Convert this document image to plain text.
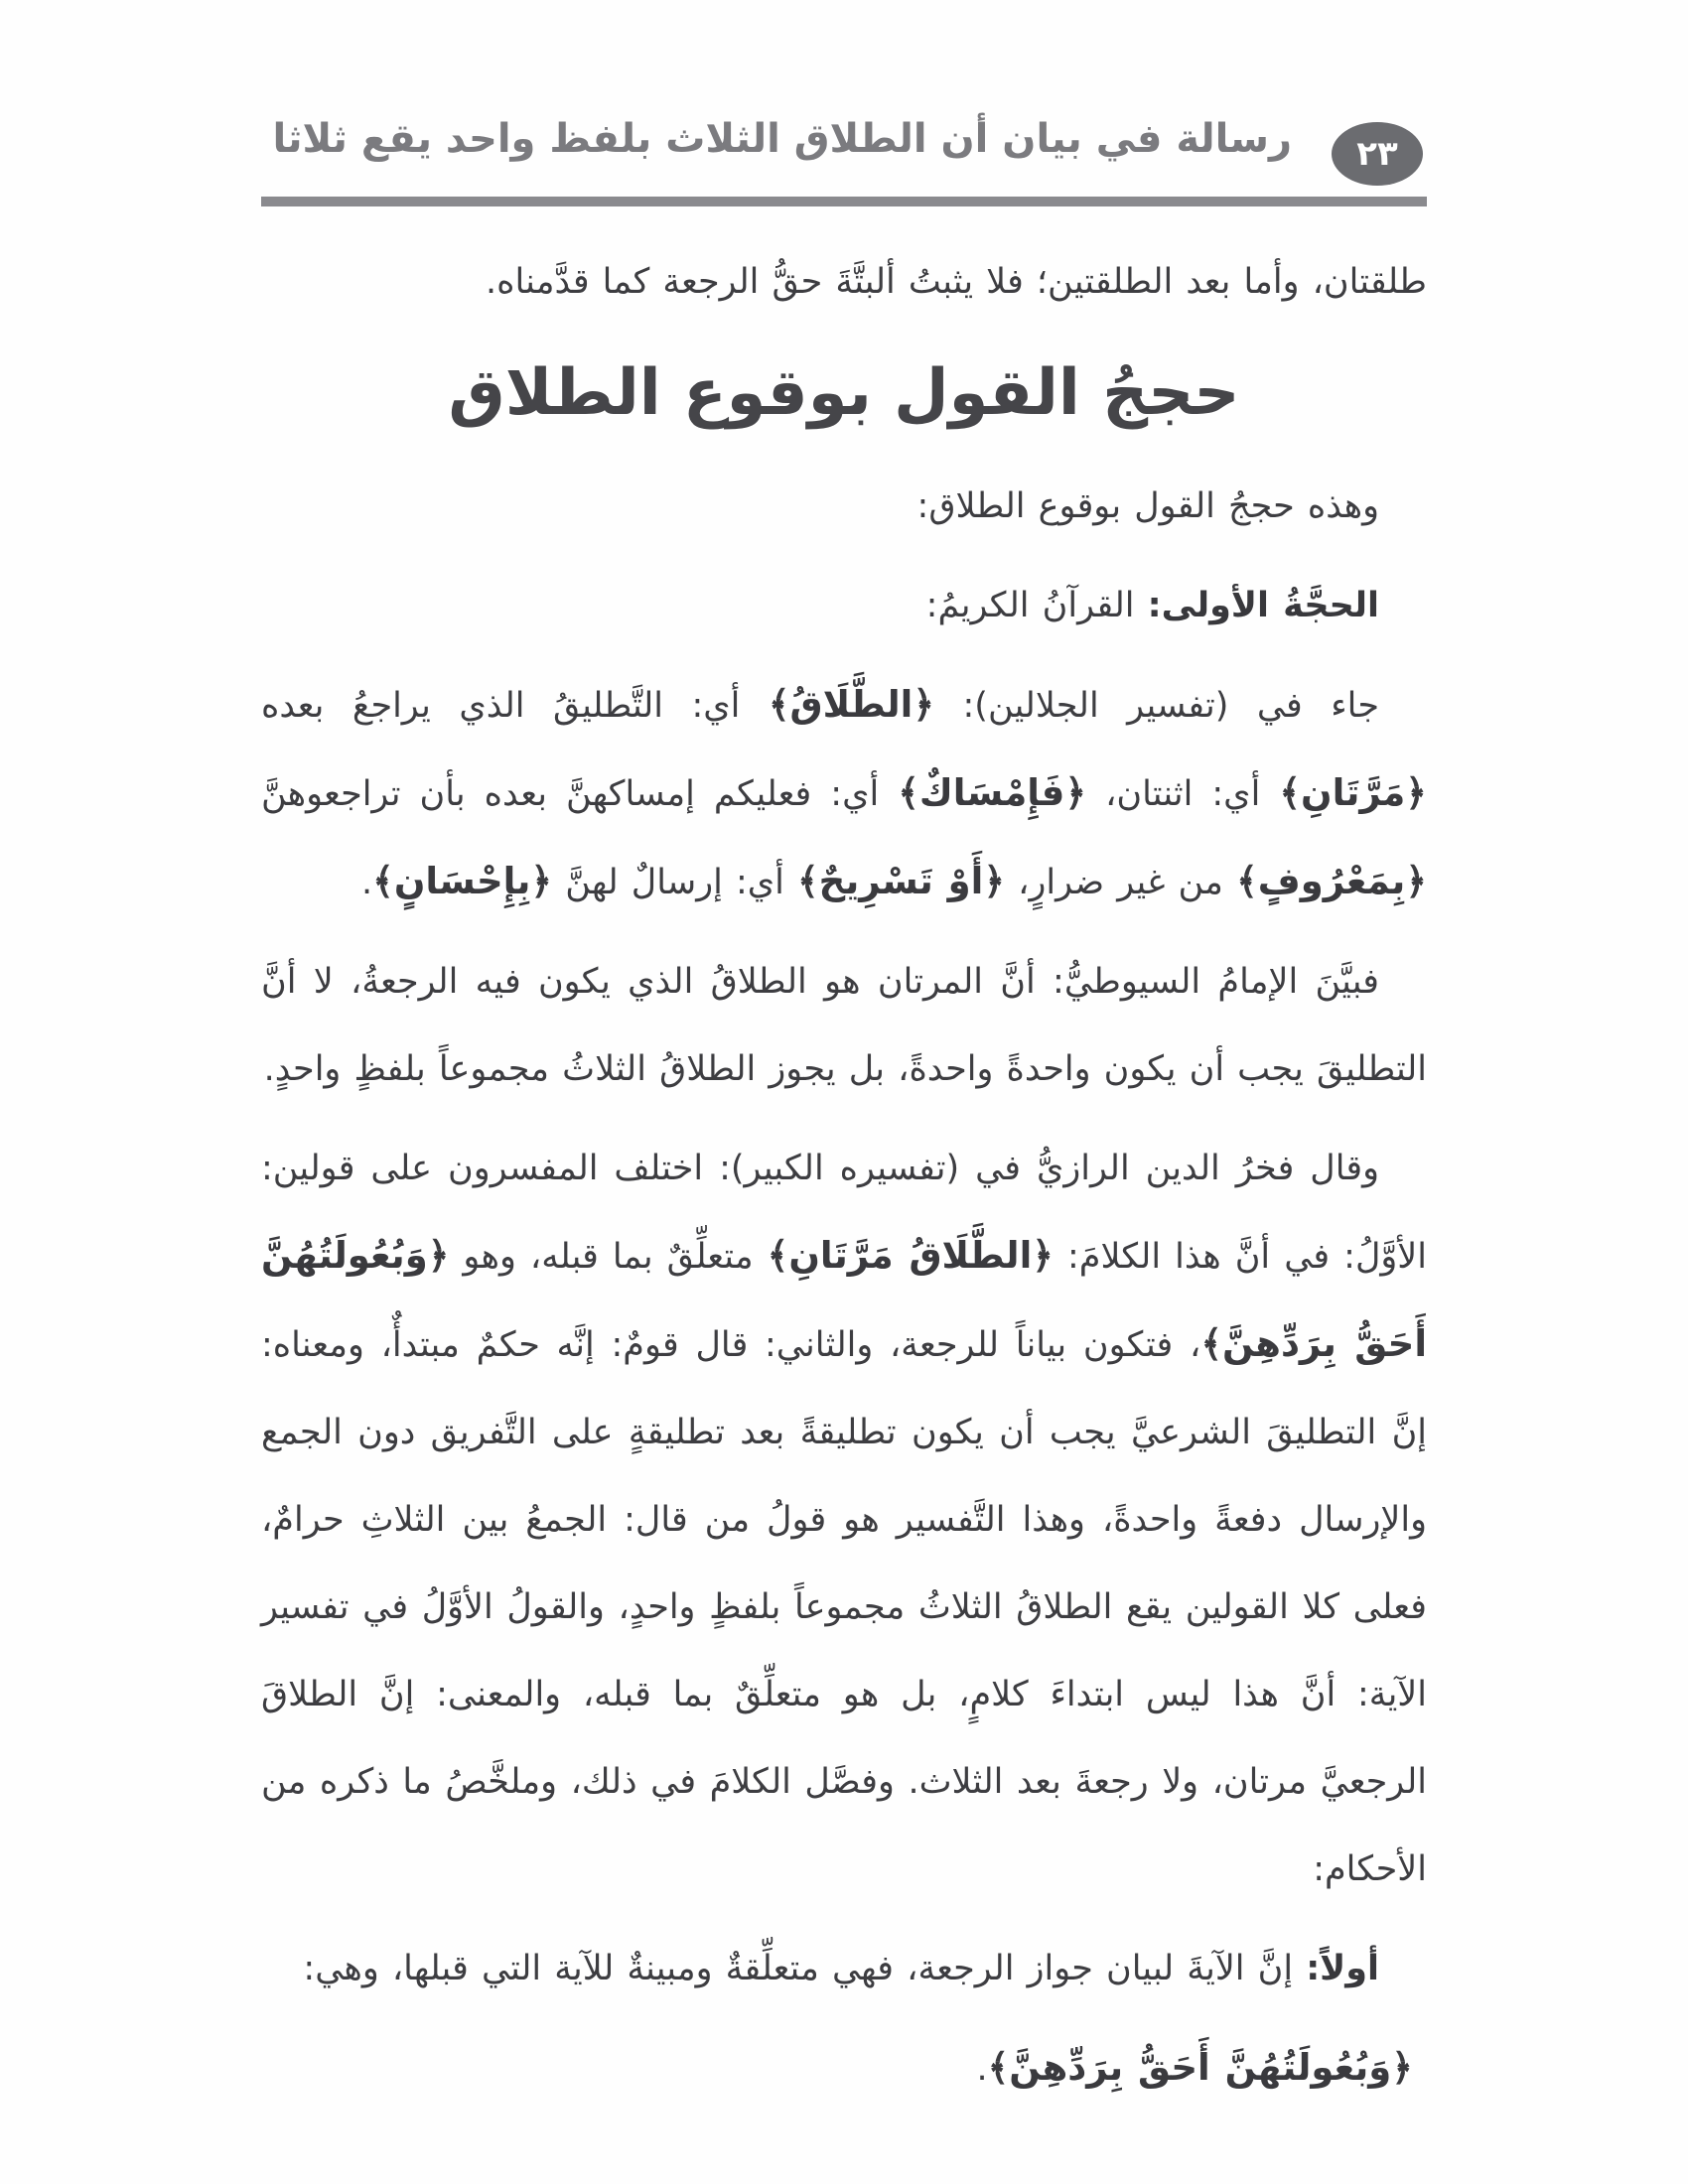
رسالة في بيان أن الطلاق الثلاث بلفظ واحد يقع ثلاثا ٢٣

طلقتان، وأما بعد الطلقتين؛ فلا يثبتُ ألبتَّةَ حقُّ الرجعة كما قدَّمناه.

حججُ القول بوقوع الطلاق

وهذه حججُ القول بوقوع الطلاق:

الحجَّةُ الأولى: القرآنُ الكريمُ:

جاء في (تفسير الجلالين): ﴿الطَّلَاقُ﴾ أي: التَّطليقُ الذي يراجعُ بعده ﴿مَرَّتَانِ﴾ أي: اثنتان، ﴿فَإِمْسَاكٌ﴾ أي: فعليكم إمساكهنَّ بعده بأن تراجعوهنَّ ﴿بِمَعْرُوفٍ﴾ من غير ضرارٍ، ﴿أَوْ تَسْرِيحٌ﴾ أي: إرسالٌ لهنَّ ﴿بِإِحْسَانٍ﴾.

فبيَّنَ الإمامُ السيوطيُّ: أنَّ المرتان هو الطلاقُ الذي يكون فيه الرجعةُ، لا أنَّ التطليقَ يجب أن يكون واحدةً واحدةً، بل يجوز الطلاقُ الثلاثُ مجموعاً بلفظٍ واحدٍ.

وقال فخرُ الدين الرازيُّ في (تفسيره الكبير): اختلف المفسرون على قولين: الأوَّلُ: في أنَّ هذا الكلامَ: ﴿الطَّلَاقُ مَرَّتَانِ﴾ متعلِّقٌ بما قبله، وهو ﴿وَبُعُولَتُهُنَّ أَحَقُّ بِرَدِّهِنَّ﴾، فتكون بياناً للرجعة، والثاني: قال قومٌ: إنَّه حكمٌ مبتدأٌ، ومعناه: إنَّ التطليقَ الشرعيَّ يجب أن يكون تطليقةً بعد تطليقةٍ على التَّفريق دون الجمع والإرسال دفعةً واحدةً، وهذا التَّفسير هو قولُ من قال: الجمعُ بين الثلاثِ حرامٌ، فعلى كلا القولين يقع الطلاقُ الثلاثُ مجموعاً بلفظٍ واحدٍ، والقولُ الأوَّلُ في تفسير الآية: أنَّ هذا ليس ابتداءَ كلامٍ، بل هو متعلِّقٌ بما قبله، والمعنى: إنَّ الطلاقَ الرجعيَّ مرتان، ولا رجعةَ بعد الثلاث. وفصَّل الكلامَ في ذلك، وملخَّصُ ما ذكره من الأحكام:

أولاً: إنَّ الآيةَ لبيان جواز الرجعة، فهي متعلِّقةٌ ومبينةٌ للآية التي قبلها، وهي:

﴿وَبُعُولَتُهُنَّ أَحَقُّ بِرَدِّهِنَّ﴾.
